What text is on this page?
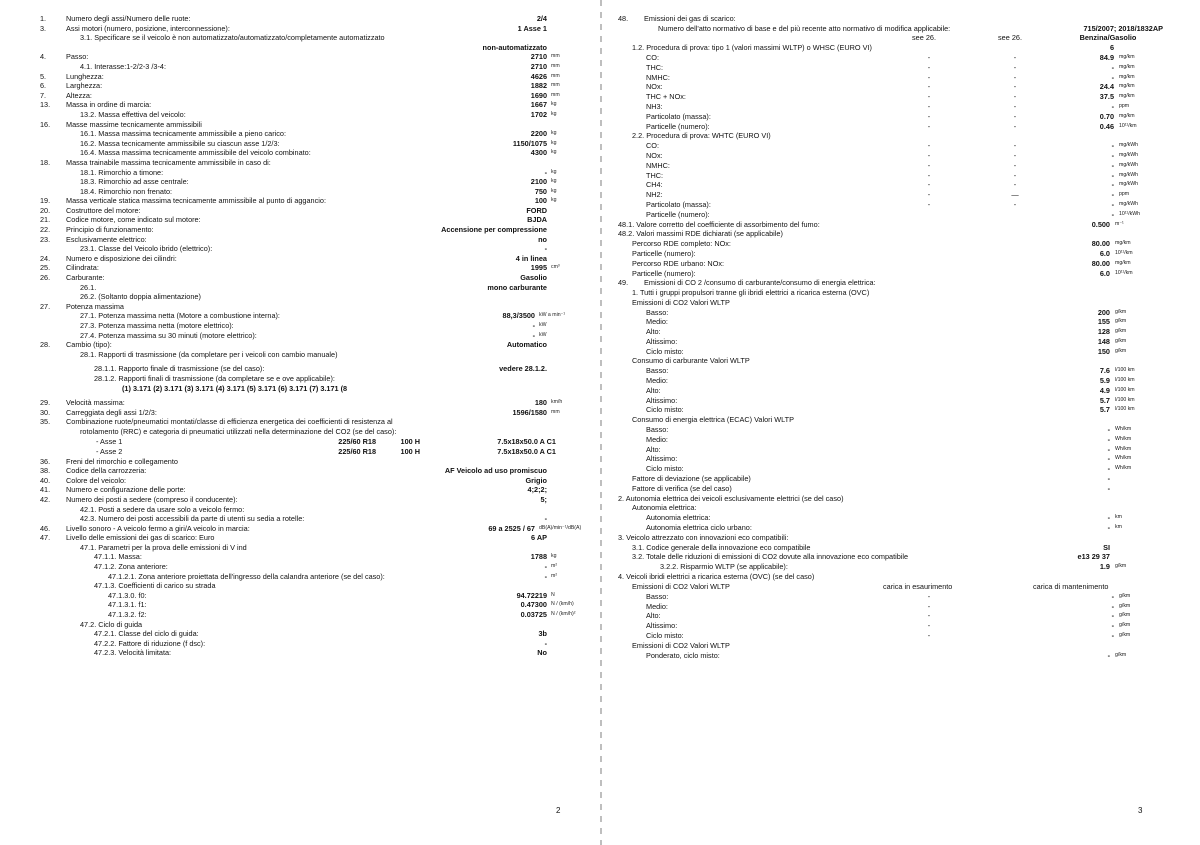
1.	Numero degli assi/Numero delle ruote:	2/4
3.	Assi motori (numero, posizione, interconnessione):	1 Asse 1
3.1. Specificare se il veicolo è non automatizzato/automatizzato/completamente automatizzato
non-automatizzato
4.	Passo:	2710 mm
4.1. Interasse:1-2/2-3 /3-4:	2710 mm
5.	Lunghezza:	4626 mm
6.	Larghezza:	1882 mm
7.	Altezza:	1690 mm
13.	Massa in ordine di marcia:	1667 kg
13.2. Massa effettiva del veicolo:	1702 kg
16.	Masse massime tecnicamente ammissibili
16.1. Massa massima tecnicamente ammissibile a pieno carico:	2200 kg
16.2. Massa tecnicamente ammissibile su ciascun asse 1/2/3:	1150/1075 kg
16.4. Massa massima tecnicamente ammissibile del veicolo combinato:	4300 kg
18.	Massa trainabile massima tecnicamente ammissibile in caso di:
18.1. Rimorchio a timone:	- kg
18.3. Rimorchio ad asse centrale:	2100 kg
18.4. Rimorchio non frenato:	750 kg
19.	Massa verticale statica massima tecnicamente ammissibile al punto di aggancio:	100 kg
20.	Costruttore del motore:	FORD
21.	Codice motore, come indicato sul motore:	BJDA
22.	Principio di funzionamento:	Accensione per compressione
23.	Esclusivamente elettrico:	no
23.1. Classe del Veicolo ibrido (elettrico):	-
24.	Numero e disposizione dei cilindri:	4 in linea
25.	Cilindrata:	1995 cm³
26.	Carburante:	Gasolio
26.1.	mono carburante
26.2. (Soltanto doppia alimentazione)
27.	Potenza massima
27.1. Potenza massima netta (Motore a combustione interna):	88,3/3500 kW a min⁻¹
27.3. Potenza massima netta (motore elettrico):	- kW
27.4. Potenza massima su 30 minuti (motore elettrico):	- kW
28.	Cambio (tipo):	Automatico
28.1. Rapporti di trasmissione (da completare per i veicoli con cambio manuale)
28.1.1. Rapporto finale di trasmissione (se del caso):	vedere 28.1.2.
28.1.2. Rapporti finali di trasmissione (da completare se e ove applicabile):
(1) 3.171 (2) 3.171 (3) 3.171 (4) 3.171 (5) 3.171 (6) 3.171 (7) 3.171 (8
29.	Velocità massima:	180 km/h
30.	Carreggiata degli assi 1/2/3:	1596/1580 mm
35.	Combinazione ruote/pneumatici montati/classe di efficienza energetica dei coefficienti di resistenza al
rotolamento (RRC) e categoria di pneumatici utilizzati nella determinazione del CO2 (se del caso):
- Asse 1	225/60 R18	100 H	7.5x18x50.0 A C1
- Asse 2	225/60 R18	100 H	7.5x18x50.0 A C1
36.	Freni del rimorchio e collegamento
38.	Codice della carrozzeria:	AF Veicolo ad uso promiscuo
40.	Colore del veicolo:	Grigio
41.	Numero e configurazione delle porte:	4;2;2;
42.	Numero dei posti a sedere (compreso il conducente):	5;
42.1. Posti a sedere da usare solo a veicolo fermo:
42.3. Numero dei posti accessibili da parte di utenti su sedia a rotelle:	-
46.	Livello sonoro - A veicolo fermo a giri/A veicolo in marcia:	69 a 2525 / 67 dB(A)/min⁻¹/dB(A)
47.	Livello delle emissioni dei gas di scarico: Euro	6 AP
47.1. Parametri per la prova delle emissioni di V ind
47.1.1. Massa:	1788 kg
47.1.2. Zona anteriore:	- m²
47.1.2.1. Zona anteriore proiettata dell'ingresso della calandra anteriore (se del caso):	- m²
47.1.3. Coefficienti di carico su strada
47.1.3.0. f0:	94.72219 N
47.1.3.1. f1:	0.47300 N / (km/h)
47.1.3.2. f2:	0.03725 N / (km/h)²
47.2. Ciclo di guida
47.2.1. Classe del ciclo di guida:	3b
47.2.2. Fattore di riduzione (f dsc):	-
47.2.3. Velocità limitata:	No
48.	Emissioni dei gas di scarico:
Numero dell'atto normativo di base e del più recente atto normativo di modifica applicabile:	715/2007; 2018/1832AP
see 26.	see 26.	Benzina/Gasolio
1.2. Procedura di prova: tipo 1 (valori massimi WLTP) o WHSC (EURO VI)	6
CO:	-	-	84.9 mg/km
THC:	-	-	- mg/km
NMHC:	-	-	- mg/km
NOx:	-	-	24.4 mg/km
THC + NOx:	-	-	37.5 mg/km
NH3:	-	-	- ppm
Particolato (massa):	-	-	0.70 mg/km
Particelle (numero):	-	-	0.46 10¹¹/km
2.2. Procedura di prova: WHTC (EURO VI)
CO:	-	-	- mg/kWh
NOx:	-	-	- mg/kWh
NMHC:	-	-	- mg/kWh
THC:	-	-	- mg/kWh
CH4:	-	-	- mg/kWh
NH2:	-	—	- ppm
Particolato (massa):	-	-	- mg/kWh
Particelle (numero):	- 10¹¹/kWh
48.1. Valore corretto del coefficiente di assorbimento del fumo:	0.500 m⁻¹
48.2. Valori massimi RDE dichiarati (se applicabile)
Percorso RDE completo: NOx:	80.00 mg/km
Particelle (numero):	6.0 10¹¹/km
Percorso RDE urbano: NOx:	80.00 mg/km
Particelle (numero):	6.0 10¹¹/km
49.	Emissioni di CO 2 /consumo di carburante/consumo di energia elettrica:
1. Tutti i gruppi propulsori tranne gli ibridi elettrici a ricarica esterna (OVC)
Emissioni di CO2 Valori WLTP
Basso:	200 g/km
Medio:	155 g/km
Alto:	128 g/km
Altissimo:	148 g/km
Ciclo misto:	150 g/km
Consumo di carburante Valori WLTP
Basso:	7.6 l/100 km
Medio:	5.9 l/100 km
Alto:	4.9 l/100 km
Altissimo:	5.7 l/100 km
Ciclo misto:	5.7 l/100 km
Consumo di energia elettrica (ECAC) Valori WLTP
Basso:	- Wh/km
Medio:	- Wh/km
Alto:	- Wh/km
Altissimo:	- Wh/km
Ciclo misto:	- Wh/km
Fattore di deviazione (se applicabile)	-
Fattore di verifica (se del caso)	-
2. Autonomia elettrica dei veicoli esclusivamente elettrici (se del caso)
Autonomia elettrica:
Autonomia elettrica:	- km
Autonomia elettrica ciclo urbano:	- km
3. Veicolo attrezzato con innovazioni eco compatibili:
3.1. Codice generale della innovazione eco compatibile	SI
3.2. Totale delle riduzioni di emissioni di CO2 dovute alla innovazione eco compatibile	e13 29 37
3.2.2. Risparmio WLTP (se applicabile):	1.9 g/km
4. Veicoli ibridi elettrici a ricarica esterna (OVC) (se del caso)
Emissioni di CO2 Valori WLTP	carica in esaurimento	carica di mantenimento
Basso:	-	- g/km
Medio:	-	- g/km
Alto:	-	- g/km
Altissimo:	-	- g/km
Ciclo misto:	-	- g/km
Emissioni di CO2 Valori WLTP
Ponderato, ciclo misto:	- g/km
2	3
